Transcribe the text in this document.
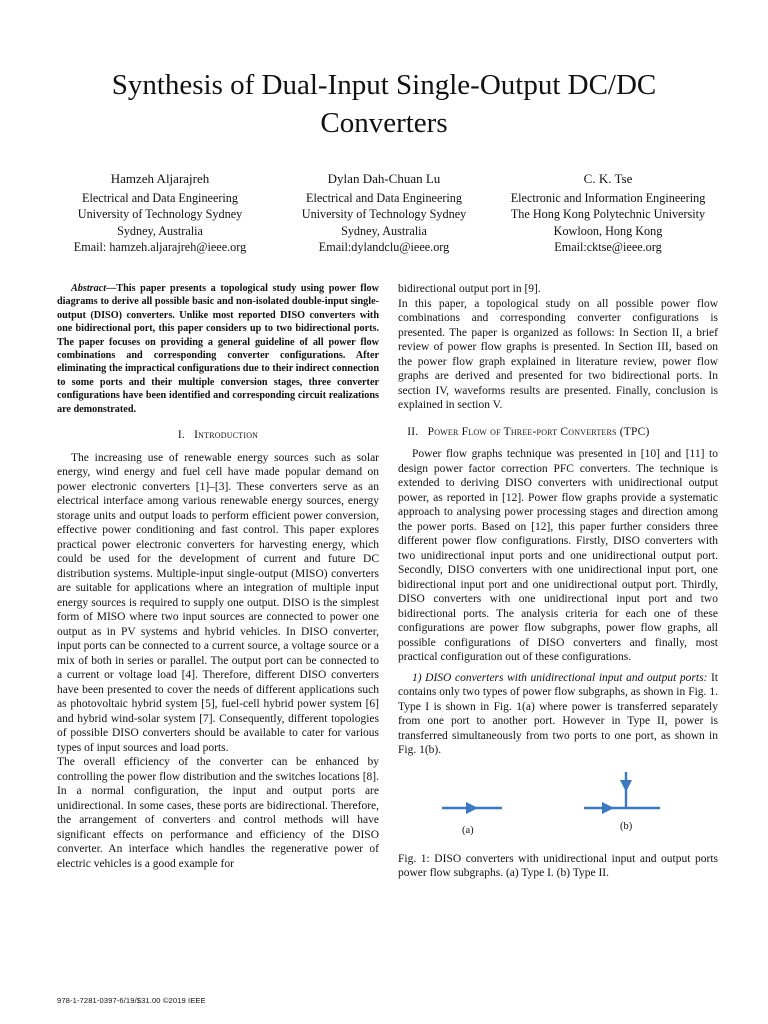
Synthesis of Dual-Input Single-Output DC/DC Converters
Hamzeh Aljarajreh
Electrical and Data Engineering
University of Technology Sydney
Sydney, Australia
Email: hamzeh.aljarajreh@ieee.org
Dylan Dah-Chuan Lu
Electrical and Data Engineering
University of Technology Sydney
Sydney, Australia
Email:dylandclu@ieee.org
C. K. Tse
Electronic and Information Engineering
The Hong Kong Polytechnic University
Kowloon, Hong Kong
Email:cktse@ieee.org

Abstract—This paper presents a topological study using power flow diagrams to derive all possible basic and non-isolated double-input single-output (DISO) converters. Unlike most reported DISO converters with one bidirectional port, this paper considers up to two bidirectional ports. The paper focuses on providing a general guideline of all power flow combinations and corresponding converter configurations. After eliminating the impractical configurations due to their indirect connection to some ports and their multiple conversion stages, three converter configurations have been identified and corresponding circuit realizations are demonstrated.

I. Introduction

The increasing use of renewable energy sources such as solar energy, wind energy and fuel cell have made popular demand on power electronic converters [1]–[3]. These converters serve as an electrical interface among various renewable energy sources, energy storage units and output loads to perform efficient power conversion, effective power conditioning and fast control. This paper explores practical power electronic converters for harvesting energy, which could be used for the development of current and future DC distribution systems. Multiple-input single-output (MISO) converters are suitable for applications where an integration of multiple input energy sources is required to supply one output. DISO is the simplest form of MISO where two input sources are connected to power one output as in PV systems and hybrid vehicles. In DISO converter, input ports can be connected to a current source, a voltage source or a mix of both in series or parallel. The output port can be connected to a current or voltage load [4]. Therefore, different DISO converters have been presented to cover the needs of different applications such as photovoltaic hybrid system [5], fuel-cell hybrid power system [6] and hybrid wind-solar system [7]. Consequently, different topologies of possible DISO converters should be available to cater for various types of input sources and load ports.

The overall efficiency of the converter can be enhanced by controlling the power flow distribution and the switches locations [8]. In a normal configuration, the input and output ports are unidirectional. In some cases, these ports are bidirectional. Therefore, the arrangement of converters and control methods will have significant effects on performance and efficiency of the DISO converter. An interface which handles the regenerative power of electric vehicles is a good example for

bidirectional output port in [9].

In this paper, a topological study on all possible power flow combinations and corresponding converter configurations is presented. The paper is organized as follows: In Section II, a brief review of power flow graphs is presented. In Section III, based on the power flow graph explained in literature review, power flow graphs are derived and presented for two bidirectional ports. In section IV, waveforms results are presented. Finally, conclusion is explained in section V.

II. Power Flow of Three-port Converters (TPC)

Power flow graphs technique was presented in [10] and [11] to design power factor correction PFC converters. The technique is extended to deriving DISO converters with unidirectional output power, as reported in [12]. Power flow graphs provide a systematic approach to analysing power processing stages and direction among the power ports. Based on [12], this paper further considers three different power flow configurations. Firstly, DISO converters with two unidirectional input ports and one unidirectional output port. Secondly, DISO converters with one unidirectional input port, one bidirectional input port and one unidirectional output port. Thirdly, DISO converters with one unidirectional input port and two bidirectional ports. The analysis criteria for each one of these configurations are power flow subgraphs, power flow graphs, all possible configurations of DISO converters and finally, most practical configuration out of these configurations.

1) DISO converters with unidirectional input and output ports: It contains only two types of power flow subgraphs, as shown in Fig. 1. Type I is shown in Fig. 1(a) where power is transferred separately from one port to another port. However in Type II, power is transferred simultaneously from two ports to one port, as shown in Fig. 1(b).

(a)	(b)

Fig. 1: DISO converters with unidirectional input and output ports power flow subgraphs. (a) Type I. (b) Type II.

978-1-7281-0397-6/19/$31.00 ©2019 IEEE
